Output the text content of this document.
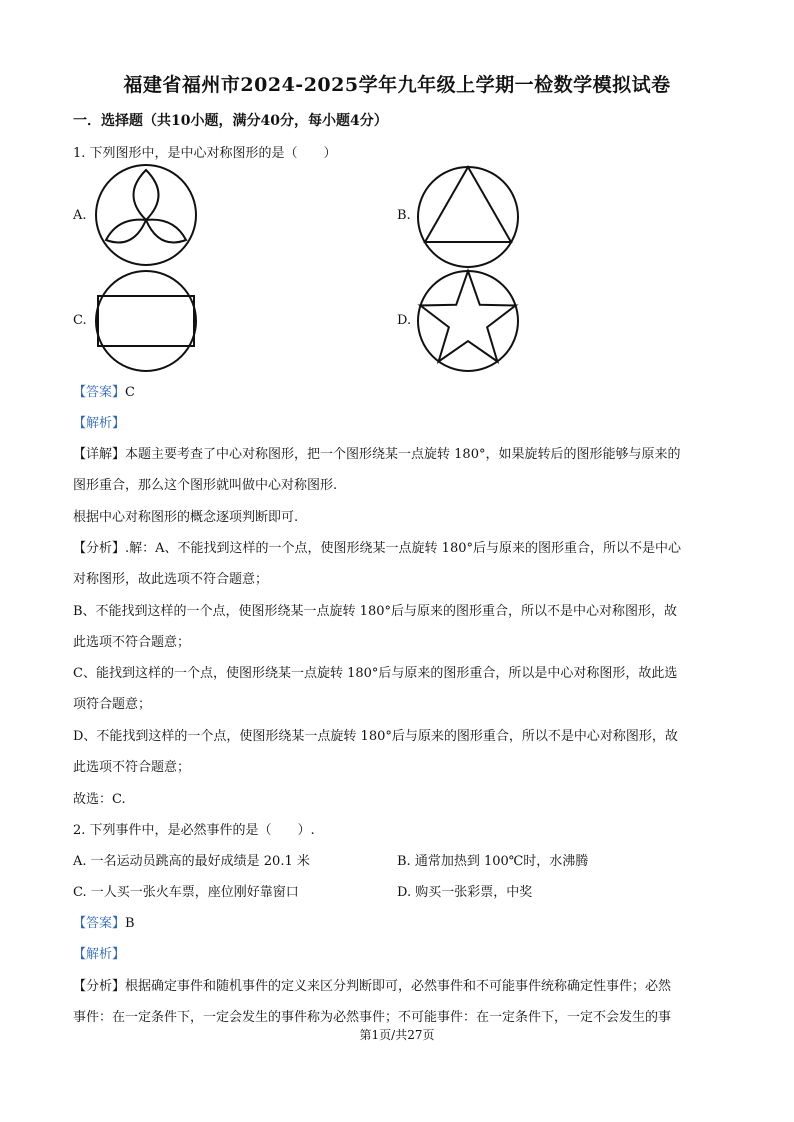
福建省福州市2024-2025学年九年级上学期一检数学模拟试卷
一．选择题（共10小题，满分40分，每小题4分）
1. 下列图形中，是中心对称图形的是（　　）
A.	B.
C.	D.
【答案】C
【解析】
【详解】本题主要考查了中心对称图形，把一个图形绕某一点旋转 180°，如果旋转后的图形能够与原来的
图形重合，那么这个图形就叫做中心对称图形.
根据中心对称图形的概念逐项判断即可.
【分析】.解：A、不能找到这样的一个点，使图形绕某一点旋转 180°后与原来的图形重合，所以不是中心
对称图形，故此选项不符合题意；
B、不能找到这样的一个点，使图形绕某一点旋转 180°后与原来的图形重合，所以不是中心对称图形，故
此选项不符合题意；
C、能找到这样的一个点，使图形绕某一点旋转 180°后与原来的图形重合，所以是中心对称图形，故此选
项符合题意；
D、不能找到这样的一个点，使图形绕某一点旋转 180°后与原来的图形重合，所以不是中心对称图形，故
此选项不符合题意；
故选：C.
2. 下列事件中，是必然事件的是（　　）.
A. 一名运动员跳高的最好成绩是 20.1 米	B. 通常加热到 100℃时，水沸腾
C. 一人买一张火车票，座位刚好靠窗口	D. 购买一张彩票，中奖
【答案】B
【解析】
【分析】根据确定事件和随机事件的定义来区分判断即可，必然事件和不可能事件统称确定性事件；必然
事件：在一定条件下，一定会发生的事件称为必然事件；不可能事件：在一定条件下，一定不会发生的事
第1页/共27页
